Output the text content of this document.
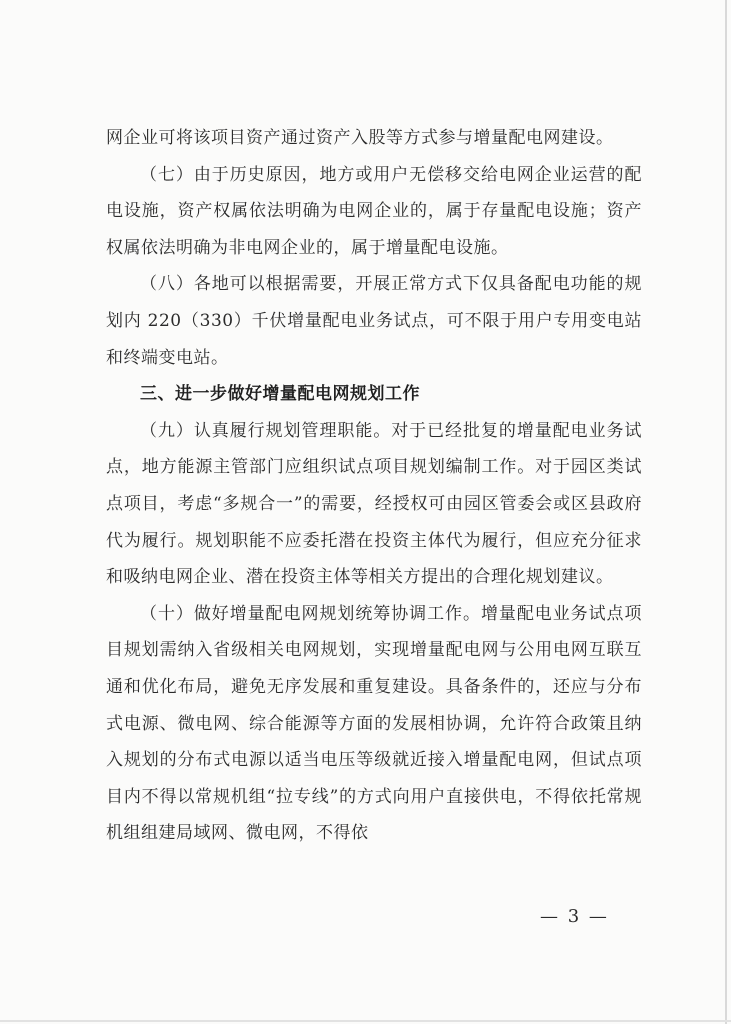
网企业可将该项目资产通过资产入股等方式参与增量配电网建设。

（七）由于历史原因，地方或用户无偿移交给电网企业运营的配电设施，资产权属依法明确为电网企业的，属于存量配电设施；资产权属依法明确为非电网企业的，属于增量配电设施。

（八）各地可以根据需要，开展正常方式下仅具备配电功能的规划内 220（330）千伏增量配电业务试点，可不限于用户专用变电站和终端变电站。

三、进一步做好增量配电网规划工作

（九）认真履行规划管理职能。对于已经批复的增量配电业务试点，地方能源主管部门应组织试点项目规划编制工作。对于园区类试点项目，考虑“多规合一”的需要，经授权可由园区管委会或区县政府代为履行。规划职能不应委托潜在投资主体代为履行，但应充分征求和吸纳电网企业、潜在投资主体等相关方提出的合理化规划建议。

（十）做好增量配电网规划统筹协调工作。增量配电业务试点项目规划需纳入省级相关电网规划，实现增量配电网与公用电网互联互通和优化布局，避免无序发展和重复建设。具备条件的，还应与分布式电源、微电网、综合能源等方面的发展相协调，允许符合政策且纳入规划的分布式电源以适当电压等级就近接入增量配电网，但试点项目内不得以常规机组“拉专线”的方式向用户直接供电，不得依托常规机组组建局域网、微电网，不得依

— 3 —
